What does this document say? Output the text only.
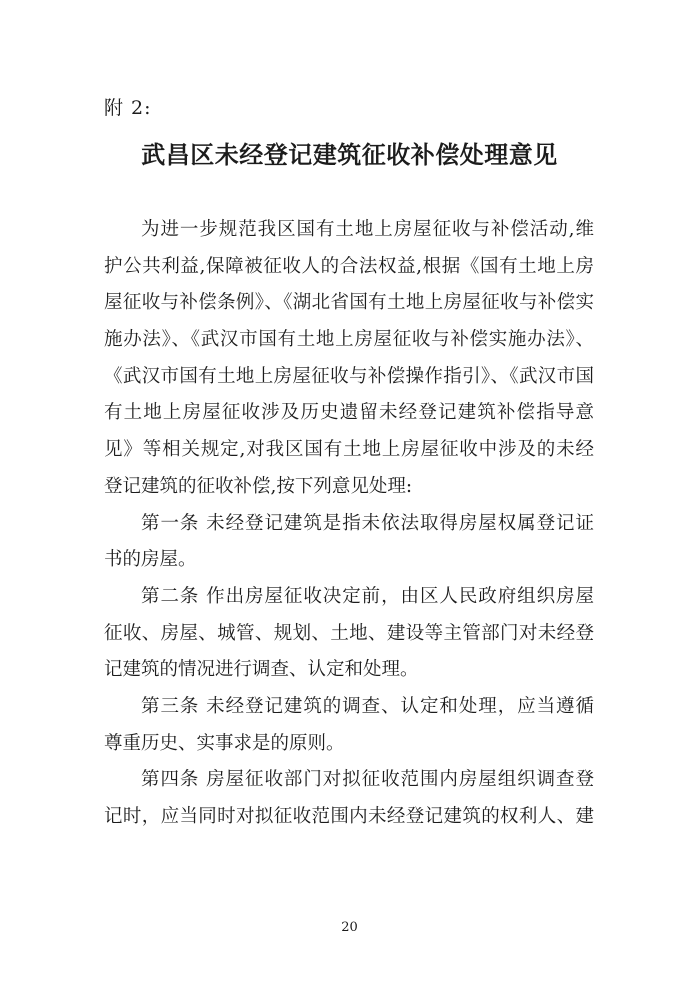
附 2:
武昌区未经登记建筑征收补偿处理意见
为进一步规范我区国有土地上房屋征收与补偿活动,维
护公共利益,保障被征收人的合法权益,根据《国有土地上房
屋征收与补偿条例》、《湖北省国有土地上房屋征收与补偿实
施办法》、《武汉市国有土地上房屋征收与补偿实施办法》、
《武汉市国有土地上房屋征收与补偿操作指引》、《武汉市国
有土地上房屋征收涉及历史遗留未经登记建筑补偿指导意
见》等相关规定,对我区国有土地上房屋征收中涉及的未经
登记建筑的征收补偿,按下列意见处理:
第一条 未经登记建筑是指未依法取得房屋权属登记证
书的房屋。
第二条 作出房屋征收决定前，由区人民政府组织房屋
征收、房屋、城管、规划、土地、建设等主管部门对未经登
记建筑的情况进行调查、认定和处理。
第三条 未经登记建筑的调查、认定和处理，应当遵循
尊重历史、实事求是的原则。
第四条 房屋征收部门对拟征收范围内房屋组织调查登
记时，应当同时对拟征收范围内未经登记建筑的权利人、建
20
